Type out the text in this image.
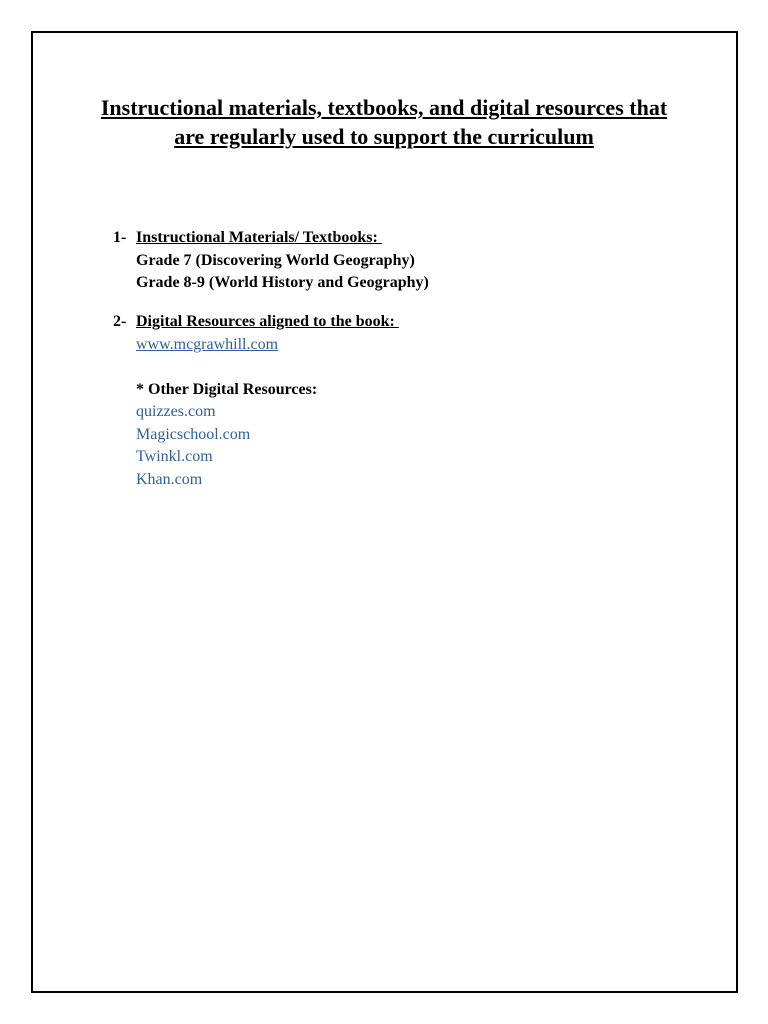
Instructional materials, textbooks, and digital resources that
are regularly used to support the curriculum
1- Instructional Materials/ Textbooks:
Grade 7 (Discovering World Geography)
Grade 8-9 (World History and Geography)
2- Digital Resources aligned to the book:
www.mcgrawhill.com
* Other Digital Resources:
quizzes.com
Magicschool.com
Twinkl.com
Khan.com
